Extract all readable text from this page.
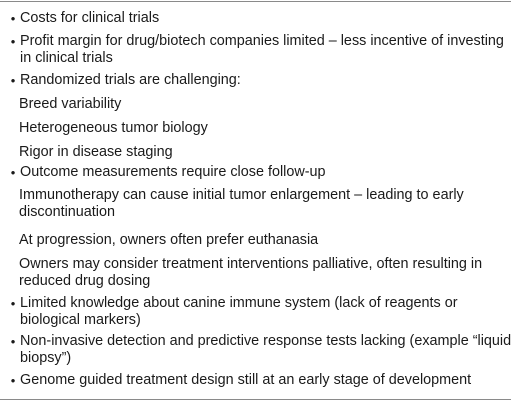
• Costs for clinical trials
• Profit margin for drug/biotech companies limited – less incentive of investing
in clinical trials
• Randomized trials are challenging:
Breed variability
Heterogeneous tumor biology
Rigor in disease staging
• Outcome measurements require close follow-up
Immunotherapy can cause initial tumor enlargement – leading to early
discontinuation
At progression, owners often prefer euthanasia
Owners may consider treatment interventions palliative, often resulting in
reduced drug dosing
• Limited knowledge about canine immune system (lack of reagents or
biological markers)
• Non-invasive detection and predictive response tests lacking (example “liquid
biopsy”)
• Genome guided treatment design still at an early stage of development
